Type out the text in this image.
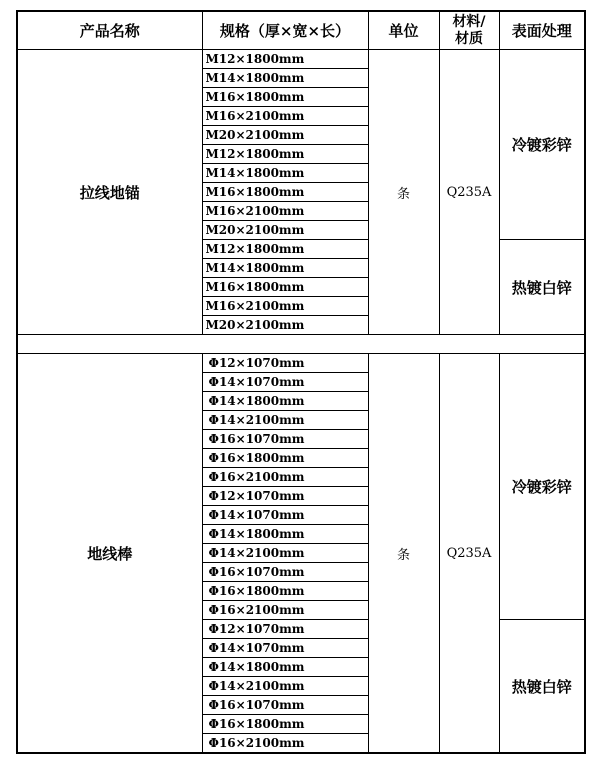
产品名称	规格（厚×宽×长）	单位	材料/
材质	表面处理
拉线地锚	M12×1800mm	条	Q235A	冷镀彩锌
	M14×1800mm			
	M16×1800mm			
	M16×2100mm			
	M20×2100mm			
	M12×1800mm			
	M14×1800mm			
	M16×1800mm			
	M16×2100mm			
	M20×2100mm			
	M12×1800mm			热镀白锌
	M14×1800mm			
	M16×1800mm			
	M16×2100mm			
	M20×2100mm			

地线棒	Φ12×1070mm	条	Q235A	冷镀彩锌
	Φ14×1070mm			
	Φ14×1800mm			
	Φ14×2100mm			
	Φ16×1070mm			
	Φ16×1800mm			
	Φ16×2100mm			
	Φ12×1070mm			
	Φ14×1070mm			
	Φ14×1800mm			
	Φ14×2100mm			
	Φ16×1070mm			
	Φ16×1800mm			
	Φ16×2100mm			
	Φ12×1070mm			热镀白锌
	Φ14×1070mm			
	Φ14×1800mm			
	Φ14×2100mm			
	Φ16×1070mm			
	Φ16×1800mm			
	Φ16×2100mm			
